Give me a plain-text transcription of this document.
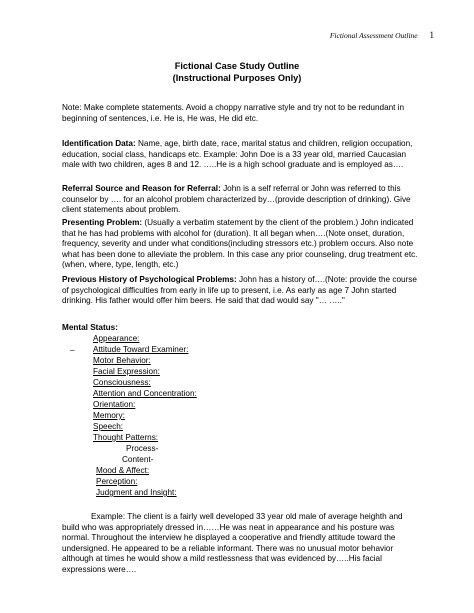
Fictional Assessment Outline 1
Fictional Case Study Outline
(Instructional Purposes Only)

Note: Make complete statements. Avoid a choppy narrative style and try not to be redundant in beginning of sentences, i.e. He is, He was, He did etc.

Identification Data: Name, age, birth date, race, marital status and children, religion occupation, education, social class, handicaps etc. Example: John Doe is a 33 year old, married Caucasian male with two children, ages 8 and 12. …..He is a high school graduate and is employed as….

Referral Source and Reason for Referral: John is a self referral or John was referred to this counselor by …. for an alcohol problem characterized by…(provide description of drinking). Give client statements about problem.

Presenting Problem: (Usually a verbatim statement by the client of the problem.) John indicated that he has had problems with alcohol for (duration). It all began when….(Note onset, duration, frequency, severity and under what conditions(including stressors etc.) problem occurs. Also note what has been done to alleviate the problem. In this case any prior counseling, drug treatment etc.(when, where, type, length, etc.)

Previous History of Psychological Problems: John has a history of….(Note: provide the course of psychological difficulties from early in life up to present, i.e. As early as age 7 John started drinking. His father would offer him beers. He said that dad would say "… ….."

Mental Status:
_
Appearance:
Attitude Toward Examiner:
Motor Behavior:
Facial Expression:
Consciousness:
Attention and Concentration:
Orientation:
Memory:
Speech:
Thought Patterns:
Process-
Content-
Mood & Affect:
Perception:
Judgment and Insight:

Example: The client is a fairly well developed 33 year old male of average heighth and build who was appropriately dressed in……He was neat in appearance and his posture was normal. Throughout the interview he displayed a cooperative and friendly attitude toward the undersigned. He appeared to be a reliable informant. There was no unusual motor behavior although at times he would show a mild restlessness that was evidenced by…..His facial expressions were….
